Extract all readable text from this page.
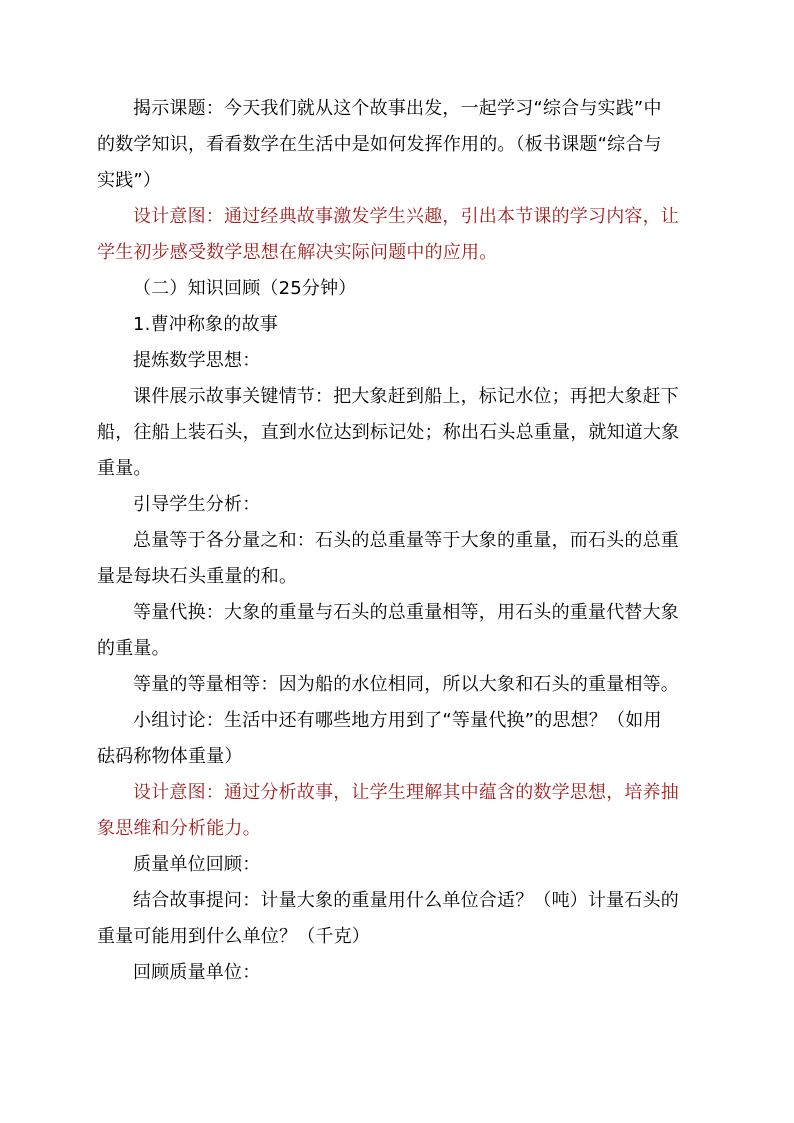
揭示课题：今天我们就从这个故事出发，一起学习“综合与实践”中

的数学知识，看看数学在生活中是如何发挥作用的。（板书课题“综合与

实践”）

设计意图：通过经典故事激发学生兴趣，引出本节课的学习内容，让

学生初步感受数学思想在解决实际问题中的应用。

（二）知识回顾（25分钟）

1.曹冲称象的故事

提炼数学思想：

课件展示故事关键情节：把大象赶到船上，标记水位；再把大象赶下

船，往船上装石头，直到水位达到标记处；称出石头总重量，就知道大象

重量。

引导学生分析：

总量等于各分量之和：石头的总重量等于大象的重量，而石头的总重

量是每块石头重量的和。

等量代换：大象的重量与石头的总重量相等，用石头的重量代替大象

的重量。

等量的等量相等：因为船的水位相同，所以大象和石头的重量相等。

小组讨论：生活中还有哪些地方用到了“等量代换”的思想？（如用

砝码称物体重量）

设计意图：通过分析故事，让学生理解其中蕴含的数学思想，培养抽

象思维和分析能力。

质量单位回顾：

结合故事提问：计量大象的重量用什么单位合适？（吨）计量石头的

重量可能用到什么单位？（千克）

回顾质量单位：
